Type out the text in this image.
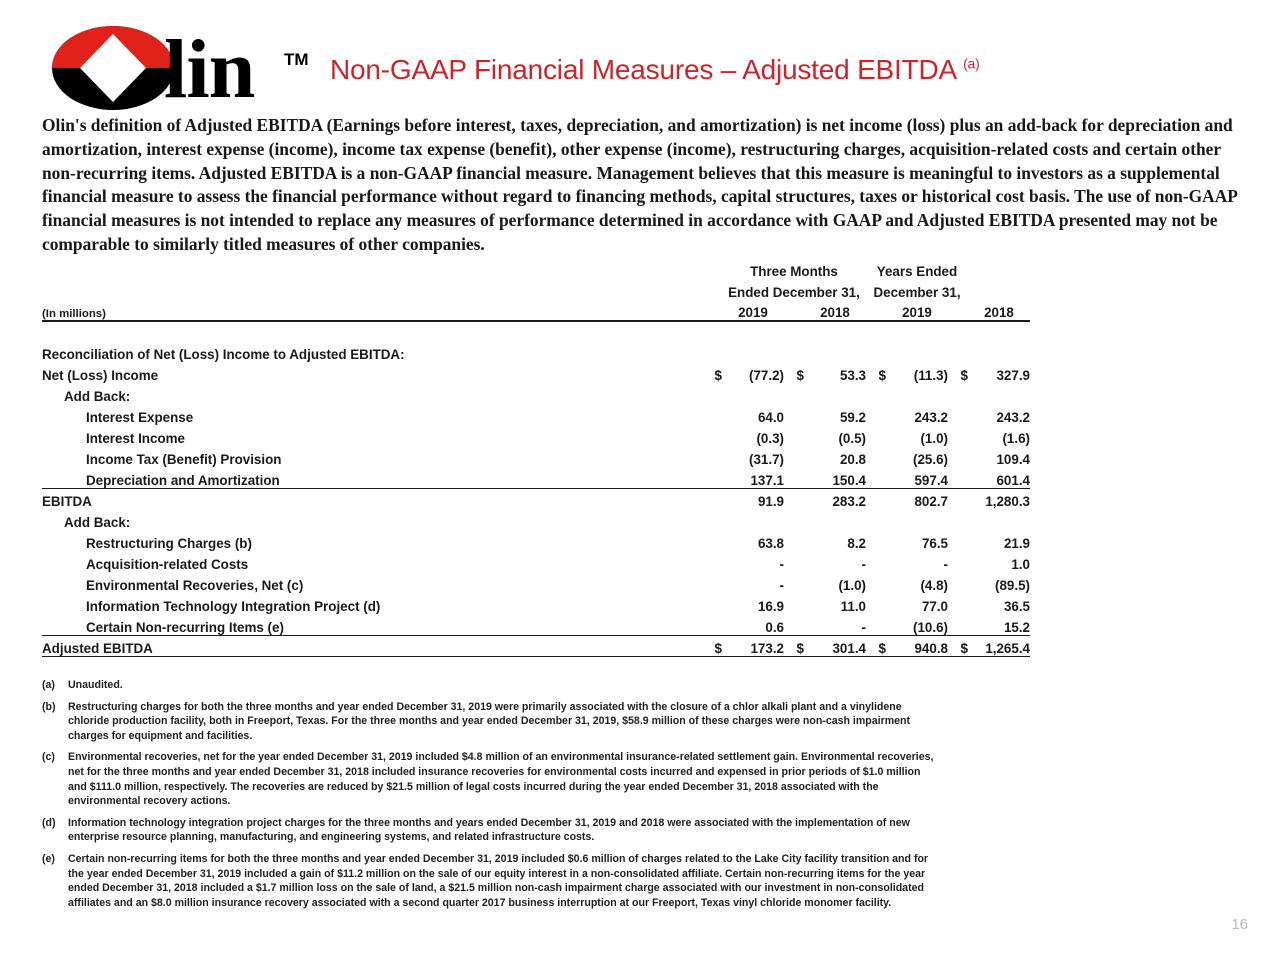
lin TM Non-GAAP Financial Measures – Adjusted EBITDA $^{(a)}$
Olin's definition of Adjusted EBITDA (Earnings before interest, taxes, depreciation, and amortization) is net income (loss) plus an add-back for depreciation and amortization, interest expense (income), income tax expense (benefit), other expense (income), restructuring charges, acquisition-related costs and certain other non-recurring items. Adjusted EBITDA is a non-GAAP financial measure. Management believes that this measure is meaningful to investors as a supplemental financial measure to assess the financial performance without regard to financing methods, capital structures, taxes or historical cost basis. The use of non-GAAP financial measures is not intended to replace any measures of performance determined in accordance with GAAP and Adjusted EBITDA presented may not be comparable to similarly titled measures of other companies.
		Three Months			Years Ended			
		Ended December 31,			December 31,			
(In millions)		2019		2018		2019		2018

Reconciliation of Net (Loss) Income to Adjusted EBITDA:								
Net (Loss) Income	$	(77.2)	$	53.3	$	(11.3)	$	327.9
Add Back:								
Interest Expense		64.0		59.2		243.2		243.2
Interest Income		(0.3)		(0.5)		(1.0)		(1.6)
Income Tax (Benefit) Provision		(31.7)		20.8		(25.6)		109.4
Depreciation and Amortization		137.1		150.4		597.4		601.4
EBITDA		91.9		283.2		802.7		1,280.3
Add Back:								
Restructuring Charges (b)		63.8		8.2		76.5		21.9
Acquisition-related Costs		-		-		-		1.0
Environmental Recoveries, Net (c)		-		(1.0)		(4.8)		(89.5)
Information Technology Integration Project (d)		16.9		11.0		77.0		36.5
Certain Non-recurring Items (e)		0.6		-		(10.6)		15.2
Adjusted EBITDA	$	173.2	$	301.4	$	940.8	$	1,265.4
(a)	Unaudited.
(b)	Restructuring charges for both the three months and year ended December 31, 2019 were primarily associated with the closure of a chlor alkali plant and a vinylidene chloride production facility, both in Freeport, Texas. For the three months and year ended December 31, 2019, $58.9 million of these charges were non-cash impairment charges for equipment and facilities.
(c)	Environmental recoveries, net for the year ended December 31, 2019 included $4.8 million of an environmental insurance-related settlement gain. Environmental recoveries, net for the three months and year ended December 31, 2018 included insurance recoveries for environmental costs incurred and expensed in prior periods of $1.0 million and $111.0 million, respectively. The recoveries are reduced by $21.5 million of legal costs incurred during the year ended December 31, 2018 associated with the environmental recovery actions.
(d)	Information technology integration project charges for the three months and years ended December 31, 2019 and 2018 were associated with the implementation of new enterprise resource planning, manufacturing, and engineering systems, and related infrastructure costs.
(e)	Certain non-recurring items for both the three months and year ended December 31, 2019 included $0.6 million of charges related to the Lake City facility transition and for the year ended December 31, 2019 included a gain of $11.2 million on the sale of our equity interest in a non-consolidated affiliate. Certain non-recurring items for the year ended December 31, 2018 included a $1.7 million loss on the sale of land, a $21.5 million non-cash impairment charge associated with our investment in non-consolidated affiliates and an $8.0 million insurance recovery associated with a second quarter 2017 business interruption at our Freeport, Texas vinyl chloride monomer facility.
16
